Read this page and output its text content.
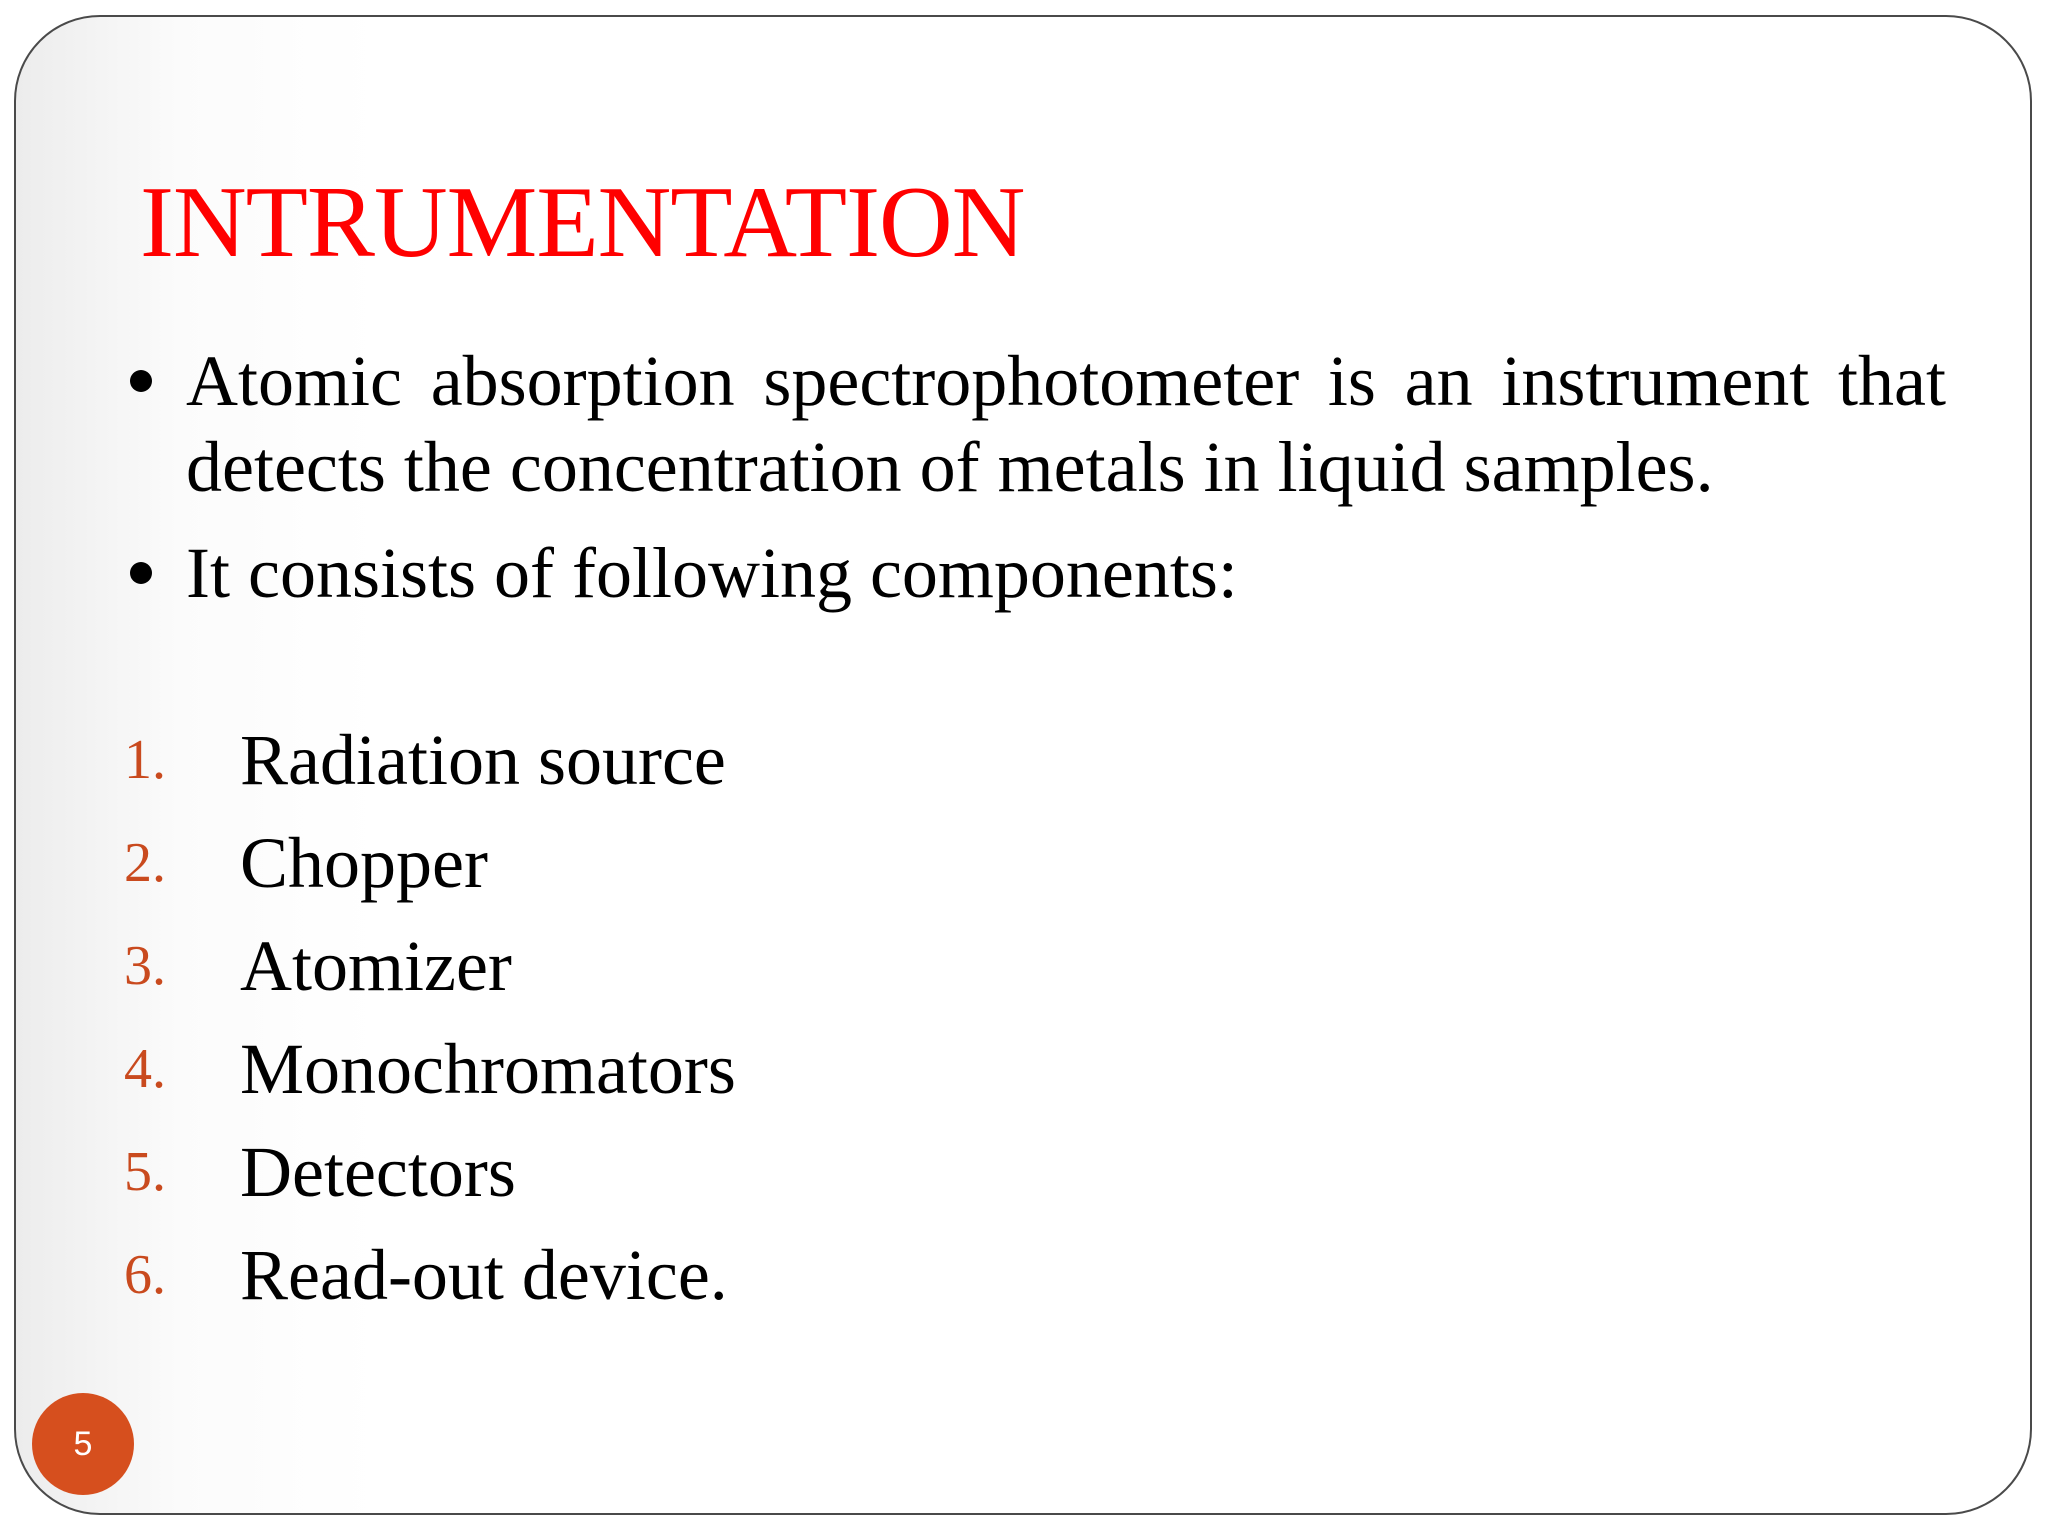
INTRUMENTATION
Atomic absorption spectrophotometer is an instrument that detects the concentration of metals in liquid samples.
It consists of following components:
1. Radiation source
2. Chopper
3. Atomizer
4. Monochromators
5. Detectors
6. Read-out device.
5
